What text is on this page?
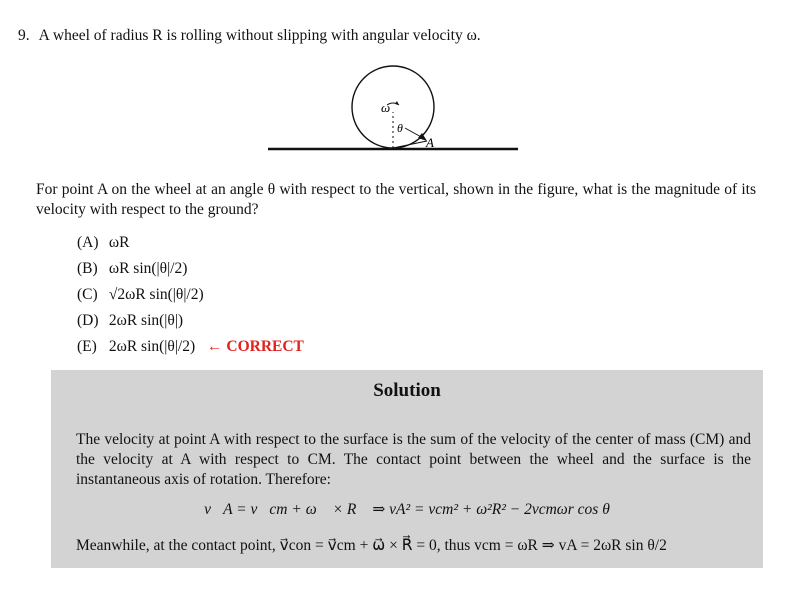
9. A wheel of radius R is rolling without slipping with angular velocity ω.
ω
θ
A
For point A on the wheel at an angle θ with respect to the vertical, shown in the figure, what is the magnitude of its velocity with respect to the ground?
(A) ωR
(B) ωR sin(|θ|/2)
(C) √2ωR sin(|θ|/2)
(D) 2ωR sin(|θ|)
(E) 2ωR sin(|θ|/2) ← CORRECT
Solution
The velocity at point A with respect to the surface is the sum of the velocity of the center of mass (CM) and the velocity at A with respect to CM. The contact point between the wheel and the surface is the instantaneous axis of rotation. Therefore:
v⃗A = v⃗cm + ω⃗ × R⃗ ⇒ vA² = vcm² + ω²R² − 2vcmωr cos θ
Meanwhile, at the contact point, v⃗con = v⃗cm + ω⃗ × R⃗ = 0, thus vcm = ωR ⇒ vA = 2ωR sin θ/2
